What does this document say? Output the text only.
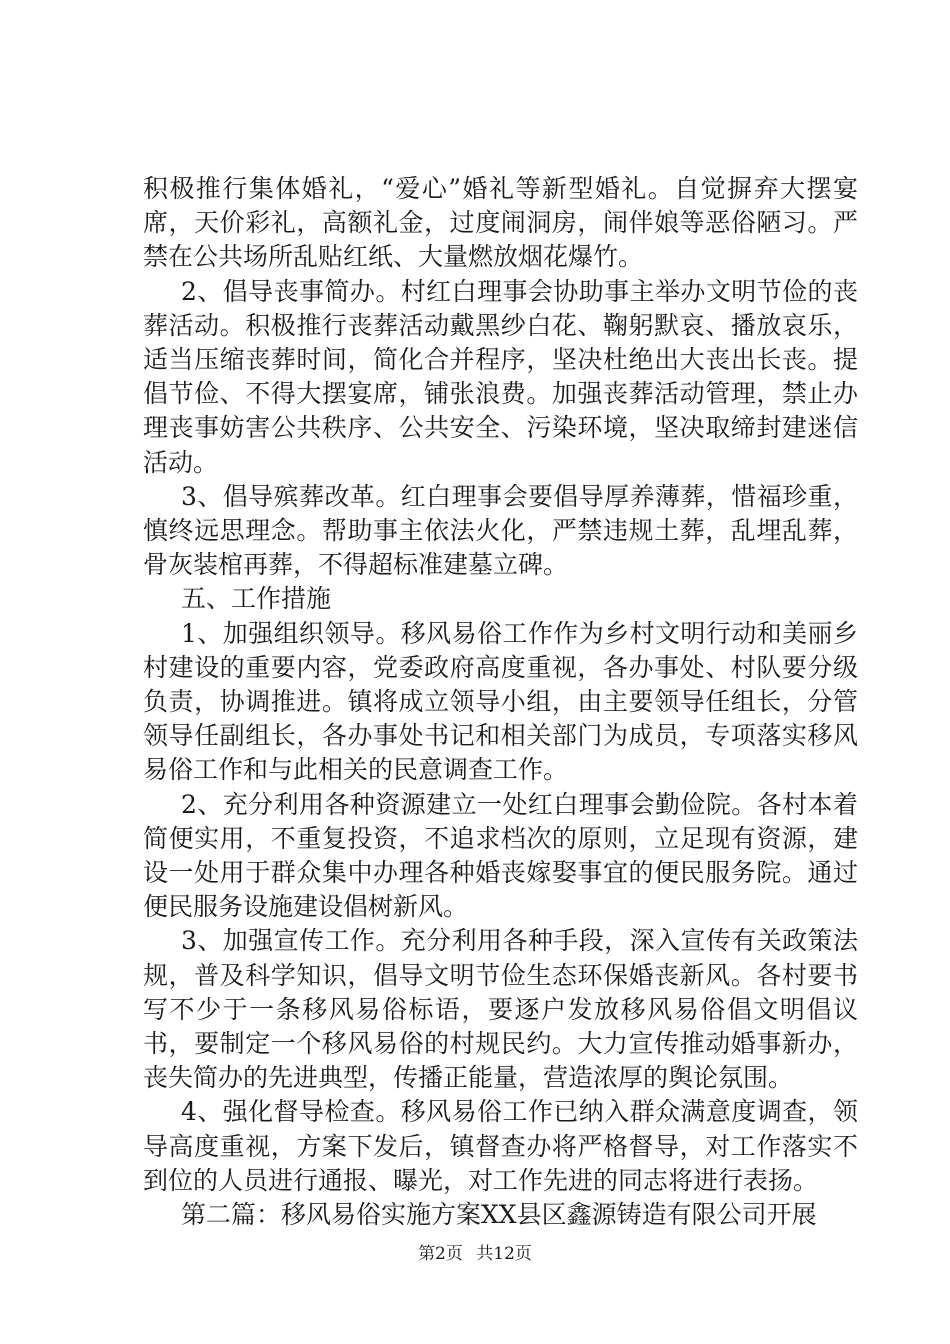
积极推行集体婚礼，“爱心”婚礼等新型婚礼。自觉摒弃大摆宴席，天价彩礼，高额礼金，过度闹洞房，闹伴娘等恶俗陋习。严禁在公共场所乱贴红纸、大量燃放烟花爆竹。

2、倡导丧事简办。村红白理事会协助事主举办文明节俭的丧葬活动。积极推行丧葬活动戴黑纱白花、鞠躬默哀、播放哀乐，适当压缩丧葬时间，简化合并程序，坚决杜绝出大丧出长丧。提倡节俭、不得大摆宴席，铺张浪费。加强丧葬活动管理，禁止办理丧事妨害公共秩序、公共安全、污染环境，坚决取缔封建迷信活动。

3、倡导殡葬改革。红白理事会要倡导厚养薄葬，惜福珍重，慎终远思理念。帮助事主依法火化，严禁违规土葬，乱埋乱葬，骨灰装棺再葬，不得超标准建墓立碑。

五、工作措施

1、加强组织领导。移风易俗工作作为乡村文明行动和美丽乡村建设的重要内容，党委政府高度重视，各办事处、村队要分级负责，协调推进。镇将成立领导小组，由主要领导任组长，分管领导任副组长，各办事处书记和相关部门为成员，专项落实移风易俗工作和与此相关的民意调查工作。

2、充分利用各种资源建立一处红白理事会勤俭院。各村本着简便实用，不重复投资，不追求档次的原则，立足现有资源，建设一处用于群众集中办理各种婚丧嫁娶事宜的便民服务院。通过便民服务设施建设倡树新风。

3、加强宣传工作。充分利用各种手段，深入宣传有关政策法规，普及科学知识，倡导文明节俭生态环保婚丧新风。各村要书写不少于一条移风易俗标语，要逐户发放移风易俗倡文明倡议书，要制定一个移风易俗的村规民约。大力宣传推动婚事新办，丧失简办的先进典型，传播正能量，营造浓厚的舆论氛围。

4、强化督导检查。移风易俗工作已纳入群众满意度调查，领导高度重视，方案下发后，镇督查办将严格督导，对工作落实不到位的人员进行通报、曝光，对工作先进的同志将进行表扬。

第二篇：移风易俗实施方案XX县区鑫源铸造有限公司开展

第2页 共12页
